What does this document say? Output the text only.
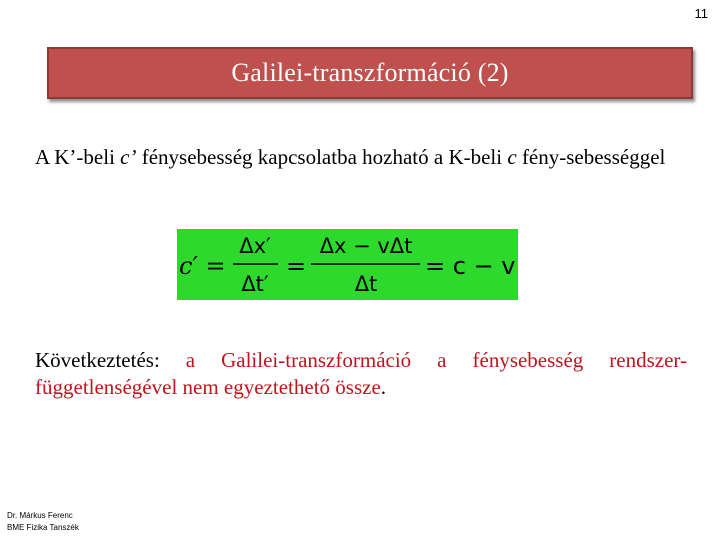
11
Galilei-transzformáció (2)
A K’-beli c’ fénysebesség kapcsolatba hozható a K-beli c fény-sebességgel
c′ =
Δx′
Δt′
=
Δx − vΔt
Δt
= c − v
Következtetés: a Galilei-transzformáció a fénysebesség rendszer-függetlenségével nem egyeztethető össze.
Dr. Márkus Ferenc
BME Fizika Tanszék
